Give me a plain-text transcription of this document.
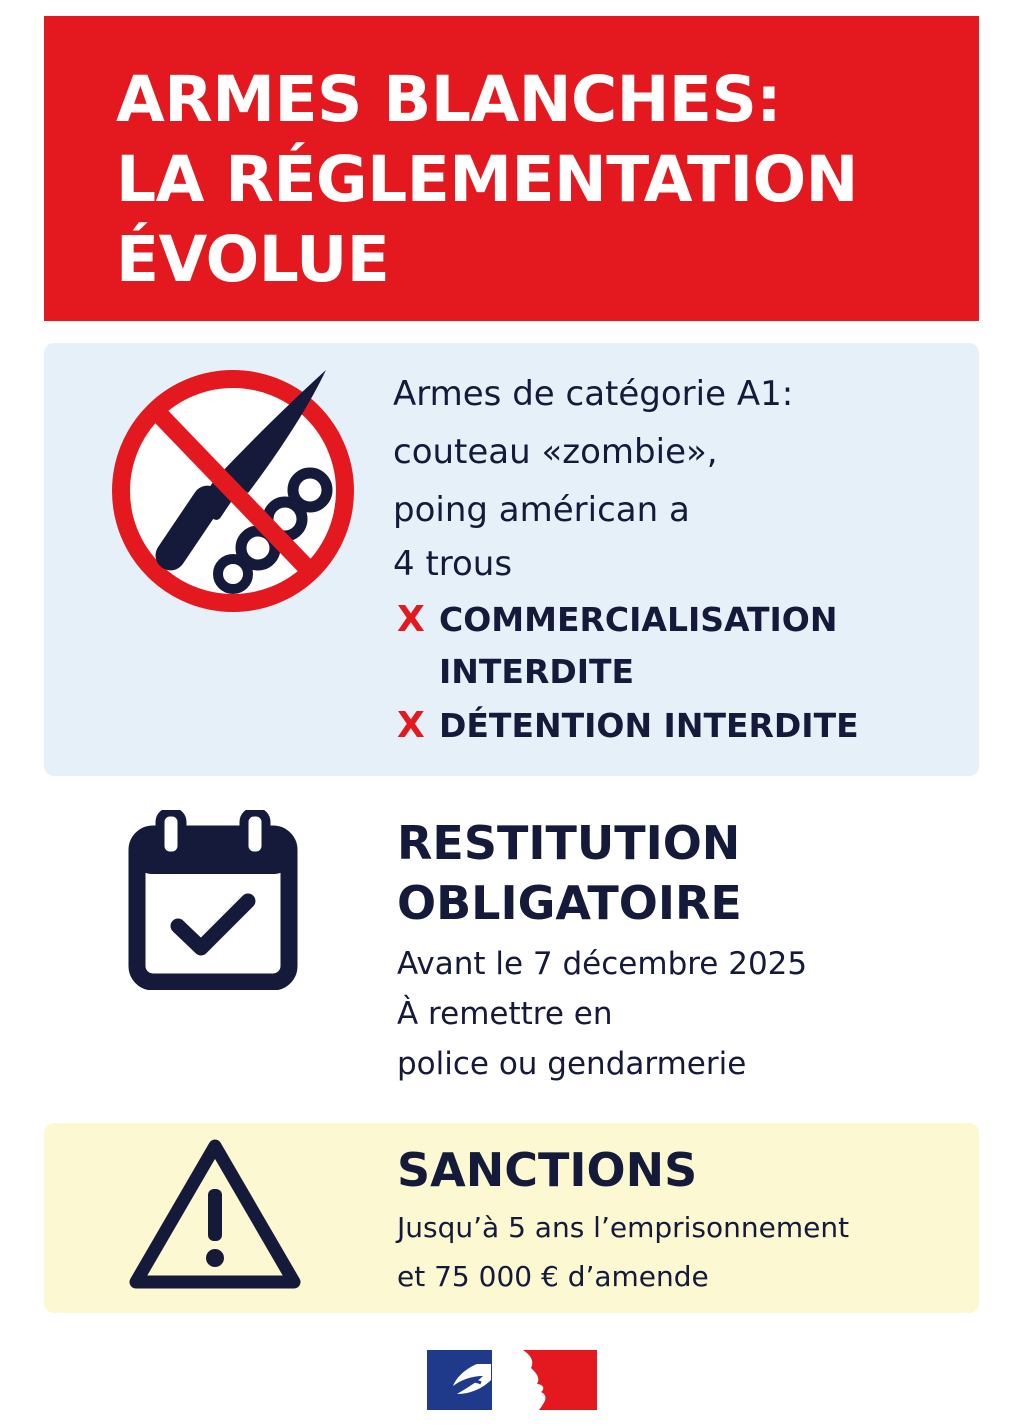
ARMES BLANCHES:
LA RÉGLEMENTATION
ÉVOLUE
Armes de catégorie A1:
couteau «zombie»,
poing américan a
4 trous
X COMMERCIALISATION
INTERDITE
X DÉTENTION INTERDITE
RESTITUTION
OBLIGATOIRE
Avant le 7 décembre 2025
À remettre en
police ou gendarmerie
SANCTIONS
Jusqu’à 5 ans l’emprisonnement
et 75 000 € d’amende
